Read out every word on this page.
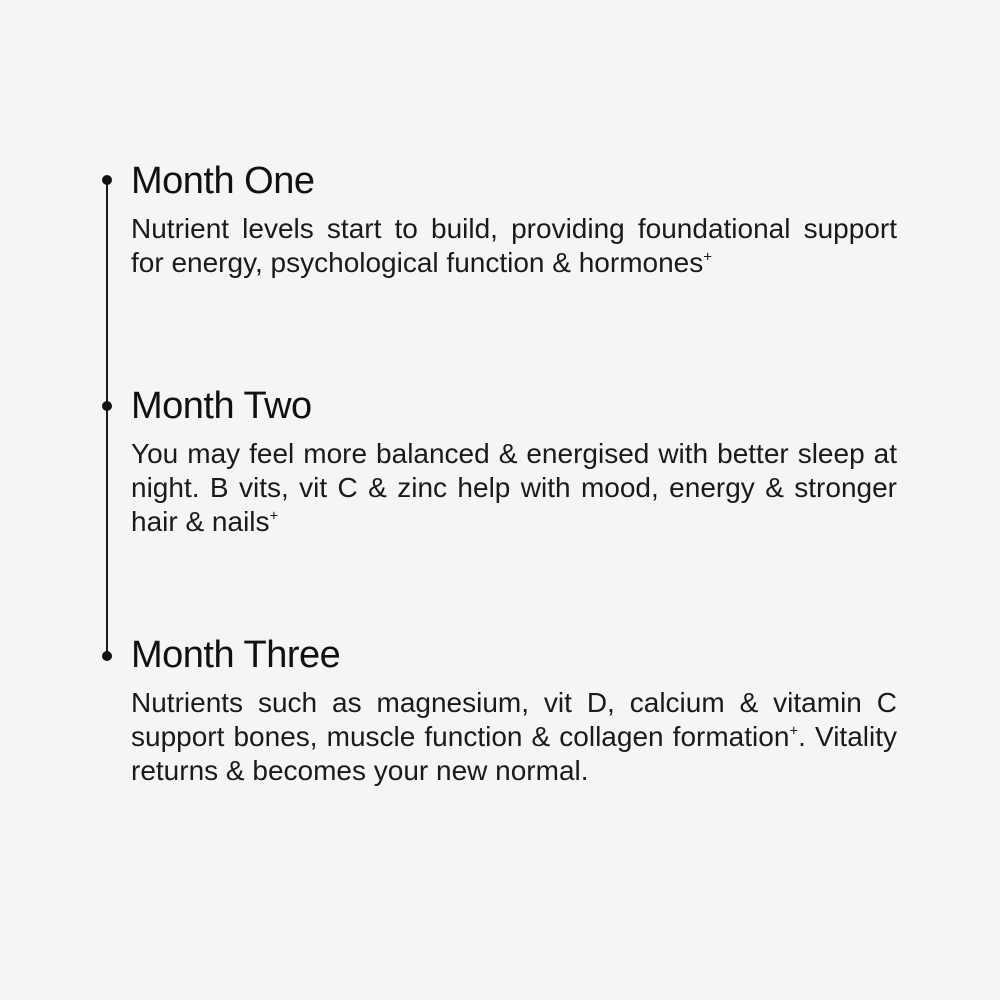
Month One

Nutrient levels start to build, providing foundational support for energy, psychological function & hormones+

Month Two

You may feel more balanced & energised with better sleep at night. B vits, vit C & zinc help with mood, energy & stronger hair & nails+

Month Three

Nutrients such as magnesium, vit D, calcium & vitamin C support bones, muscle function & collagen formation+. Vitality returns & becomes your new normal.
